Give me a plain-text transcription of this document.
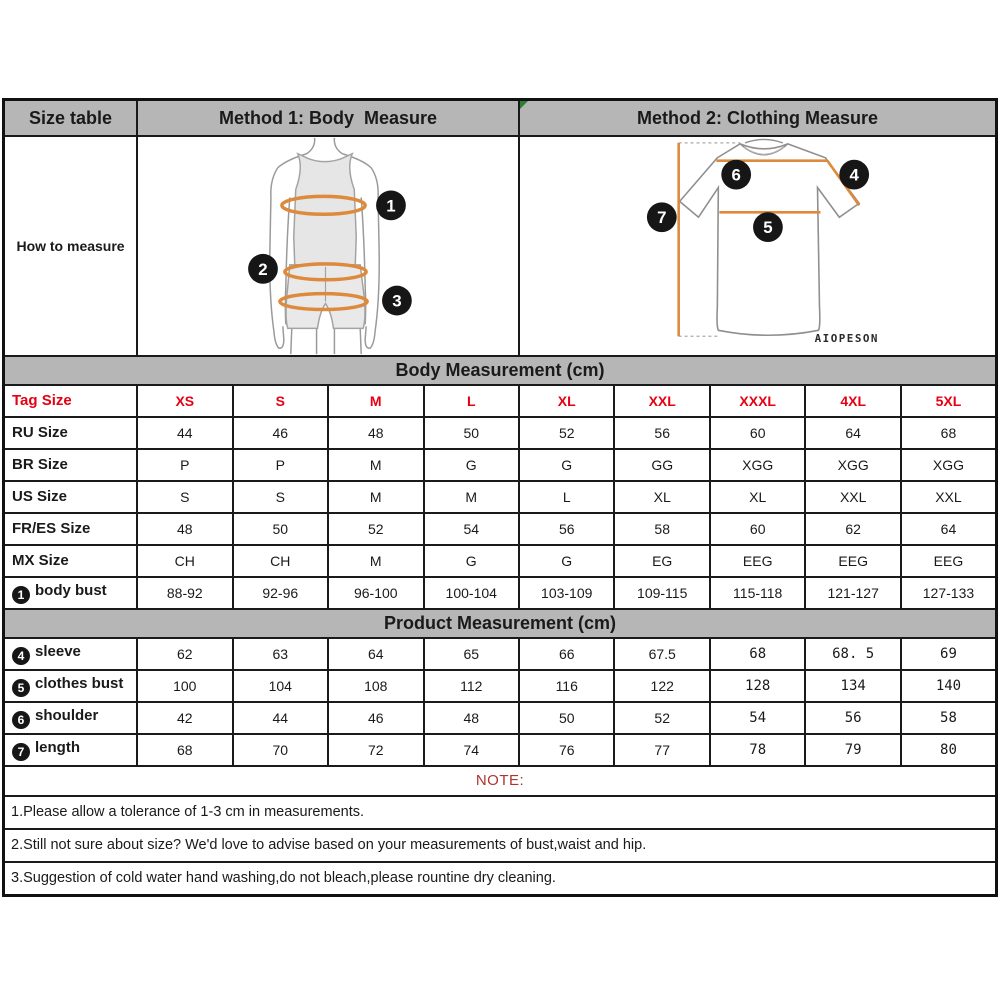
Size table	Method 1: Body  Measure				Method 2: Clothing Measure				
How to measure	1
2
3				6 4
7
5
AIOPESON				

Body Measurement (cm)									
Tag Size	XS	S	M	L	XL	XXL	XXXL	4XL	5XL
RU Size	44	46	48	50	52	56	60	64	68
BR Size	P	P	M	G	G	GG	XGG	XGG	XGG
US Size	S	S	M	M	L	XL	XL	XXL	XXL
FR/ES Size	48	50	52	54	56	58	60	62	64
MX Size	CH	CH	M	G	G	EG	EEG	EEG	EEG
1 body bust	88-92	92-96	96-100	100-104	103-109	109-115	115-118	121-127	127-133
Product Measurement (cm)									
4 sleeve	62	63	64	65	66	67.5	68	68. 5	69
5 clothes bust	100	104	108	112	116	122	128	134	140
6 shoulder	42	44	46	48	50	52	54	56	58
7 length	68	70	72	74	76	77	78	79	80
NOTE:									
1.Please allow a tolerance of 1-3 cm in measurements.									
2.Still not sure about size? We'd love to advise based on your measurements of bust,waist and hip.									
3.Suggestion of cold water hand washing,do not bleach,please rountine dry cleaning.									
